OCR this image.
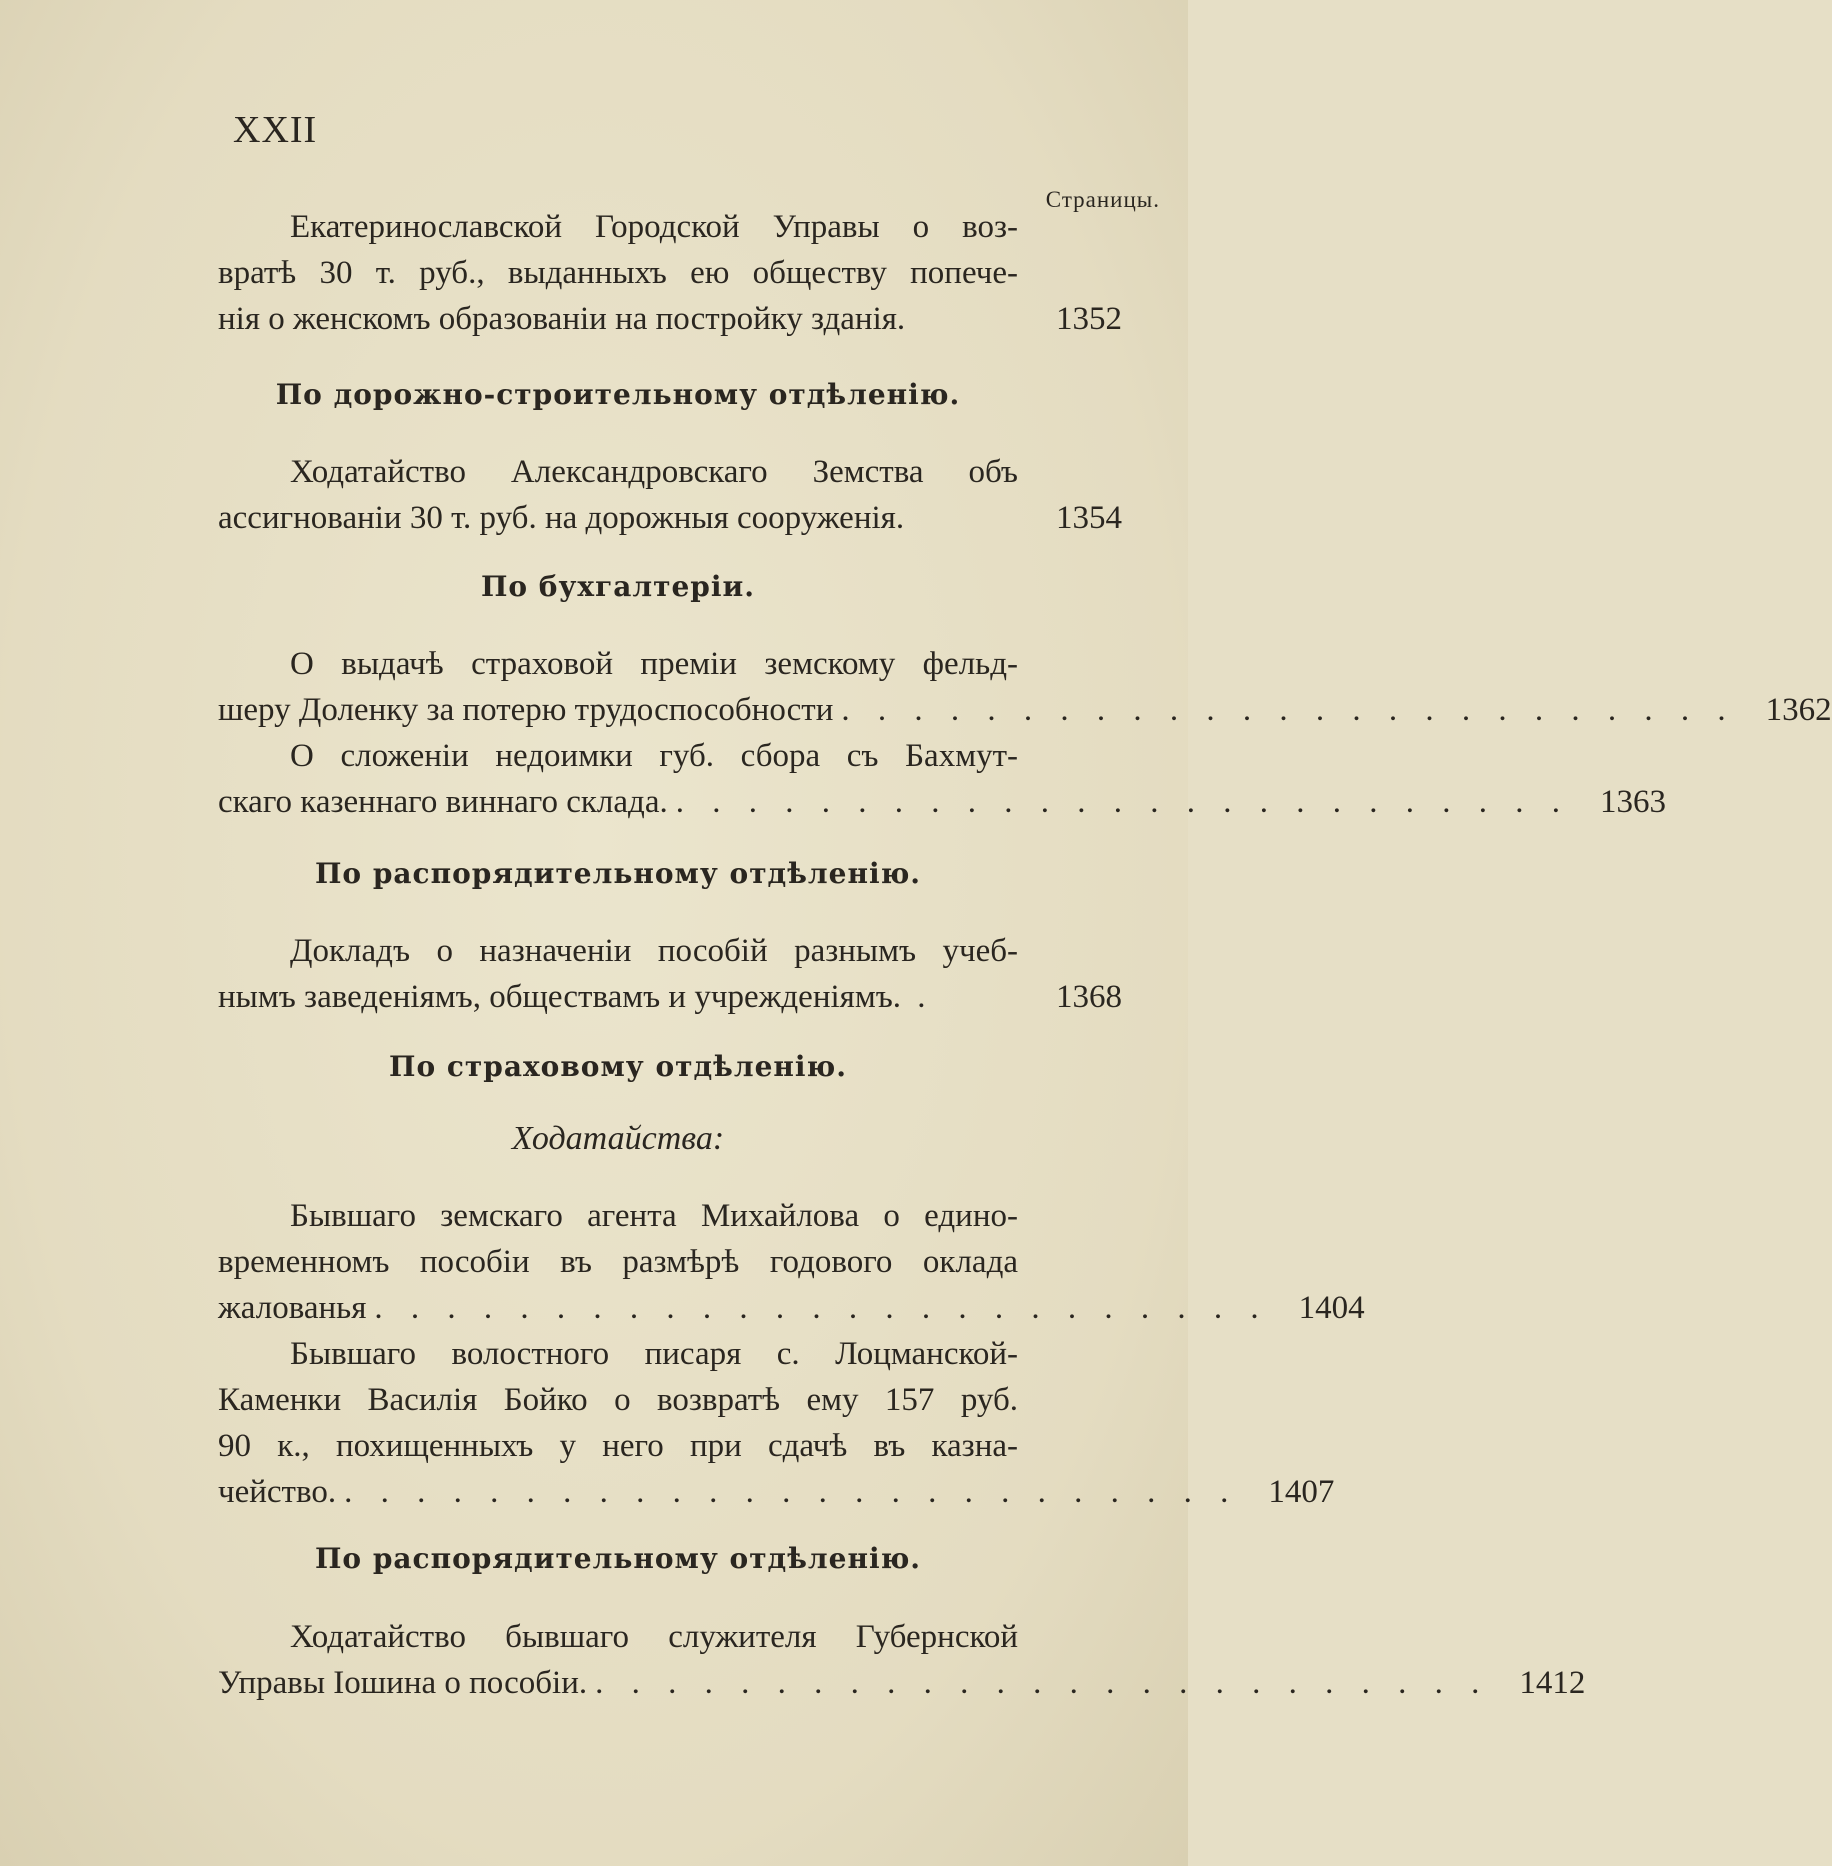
XXII
Страницы.
Екатеринославской Городской Управы о воз-
вратѣ 30 т. руб., выданныхъ ею обществу попече-
нія о женскомъ образованіи на постройку зданія.	1352
По дорожно-строительному отдѣленію.
Ходатайство Александровскаго Земства объ
ассигнованіи 30 т. руб. на дорожныя сооруженія.	1354
По бухгалтеріи.
О выдачѣ страховой преміи земскому фельд-
шеру Доленку за потерю трудоспособности . . . . . . . . . . . . . . . . . . . . . . . . . 1362
О сложеніи недоимки губ. сбора съ Бахмут-
скаго казеннаго виннаго склада. . . . . . . . . . . . . . . . . . . . . . . . . . 1363
По распорядительному отдѣленію.
Докладъ о назначеніи пособій разнымъ учеб-
нымъ заведеніямъ, обществамъ и учрежденіямъ. .	1368
По страховому отдѣленію.
Ходатайства:
Бывшаго земскаго агента Михайлова о едино-
временномъ пособіи въ размѣрѣ годового оклада
жалованья . . . . . . . . . . . . . . . . . . . . . . . . . 1404
Бывшаго волостного писаря с. Лоцманской-
Каменки Василія Бойко о возвратѣ ему 157 руб.
90 к., похищенныхъ у него при сдачѣ въ казна-
чейство. . . . . . . . . . . . . . . . . . . . . . . . . . 1407
По распорядительному отдѣленію.
Ходатайство бывшаго служителя Губернской
Управы Іошина о пособіи. . . . . . . . . . . . . . . . . . . . . . . . . . 1412
